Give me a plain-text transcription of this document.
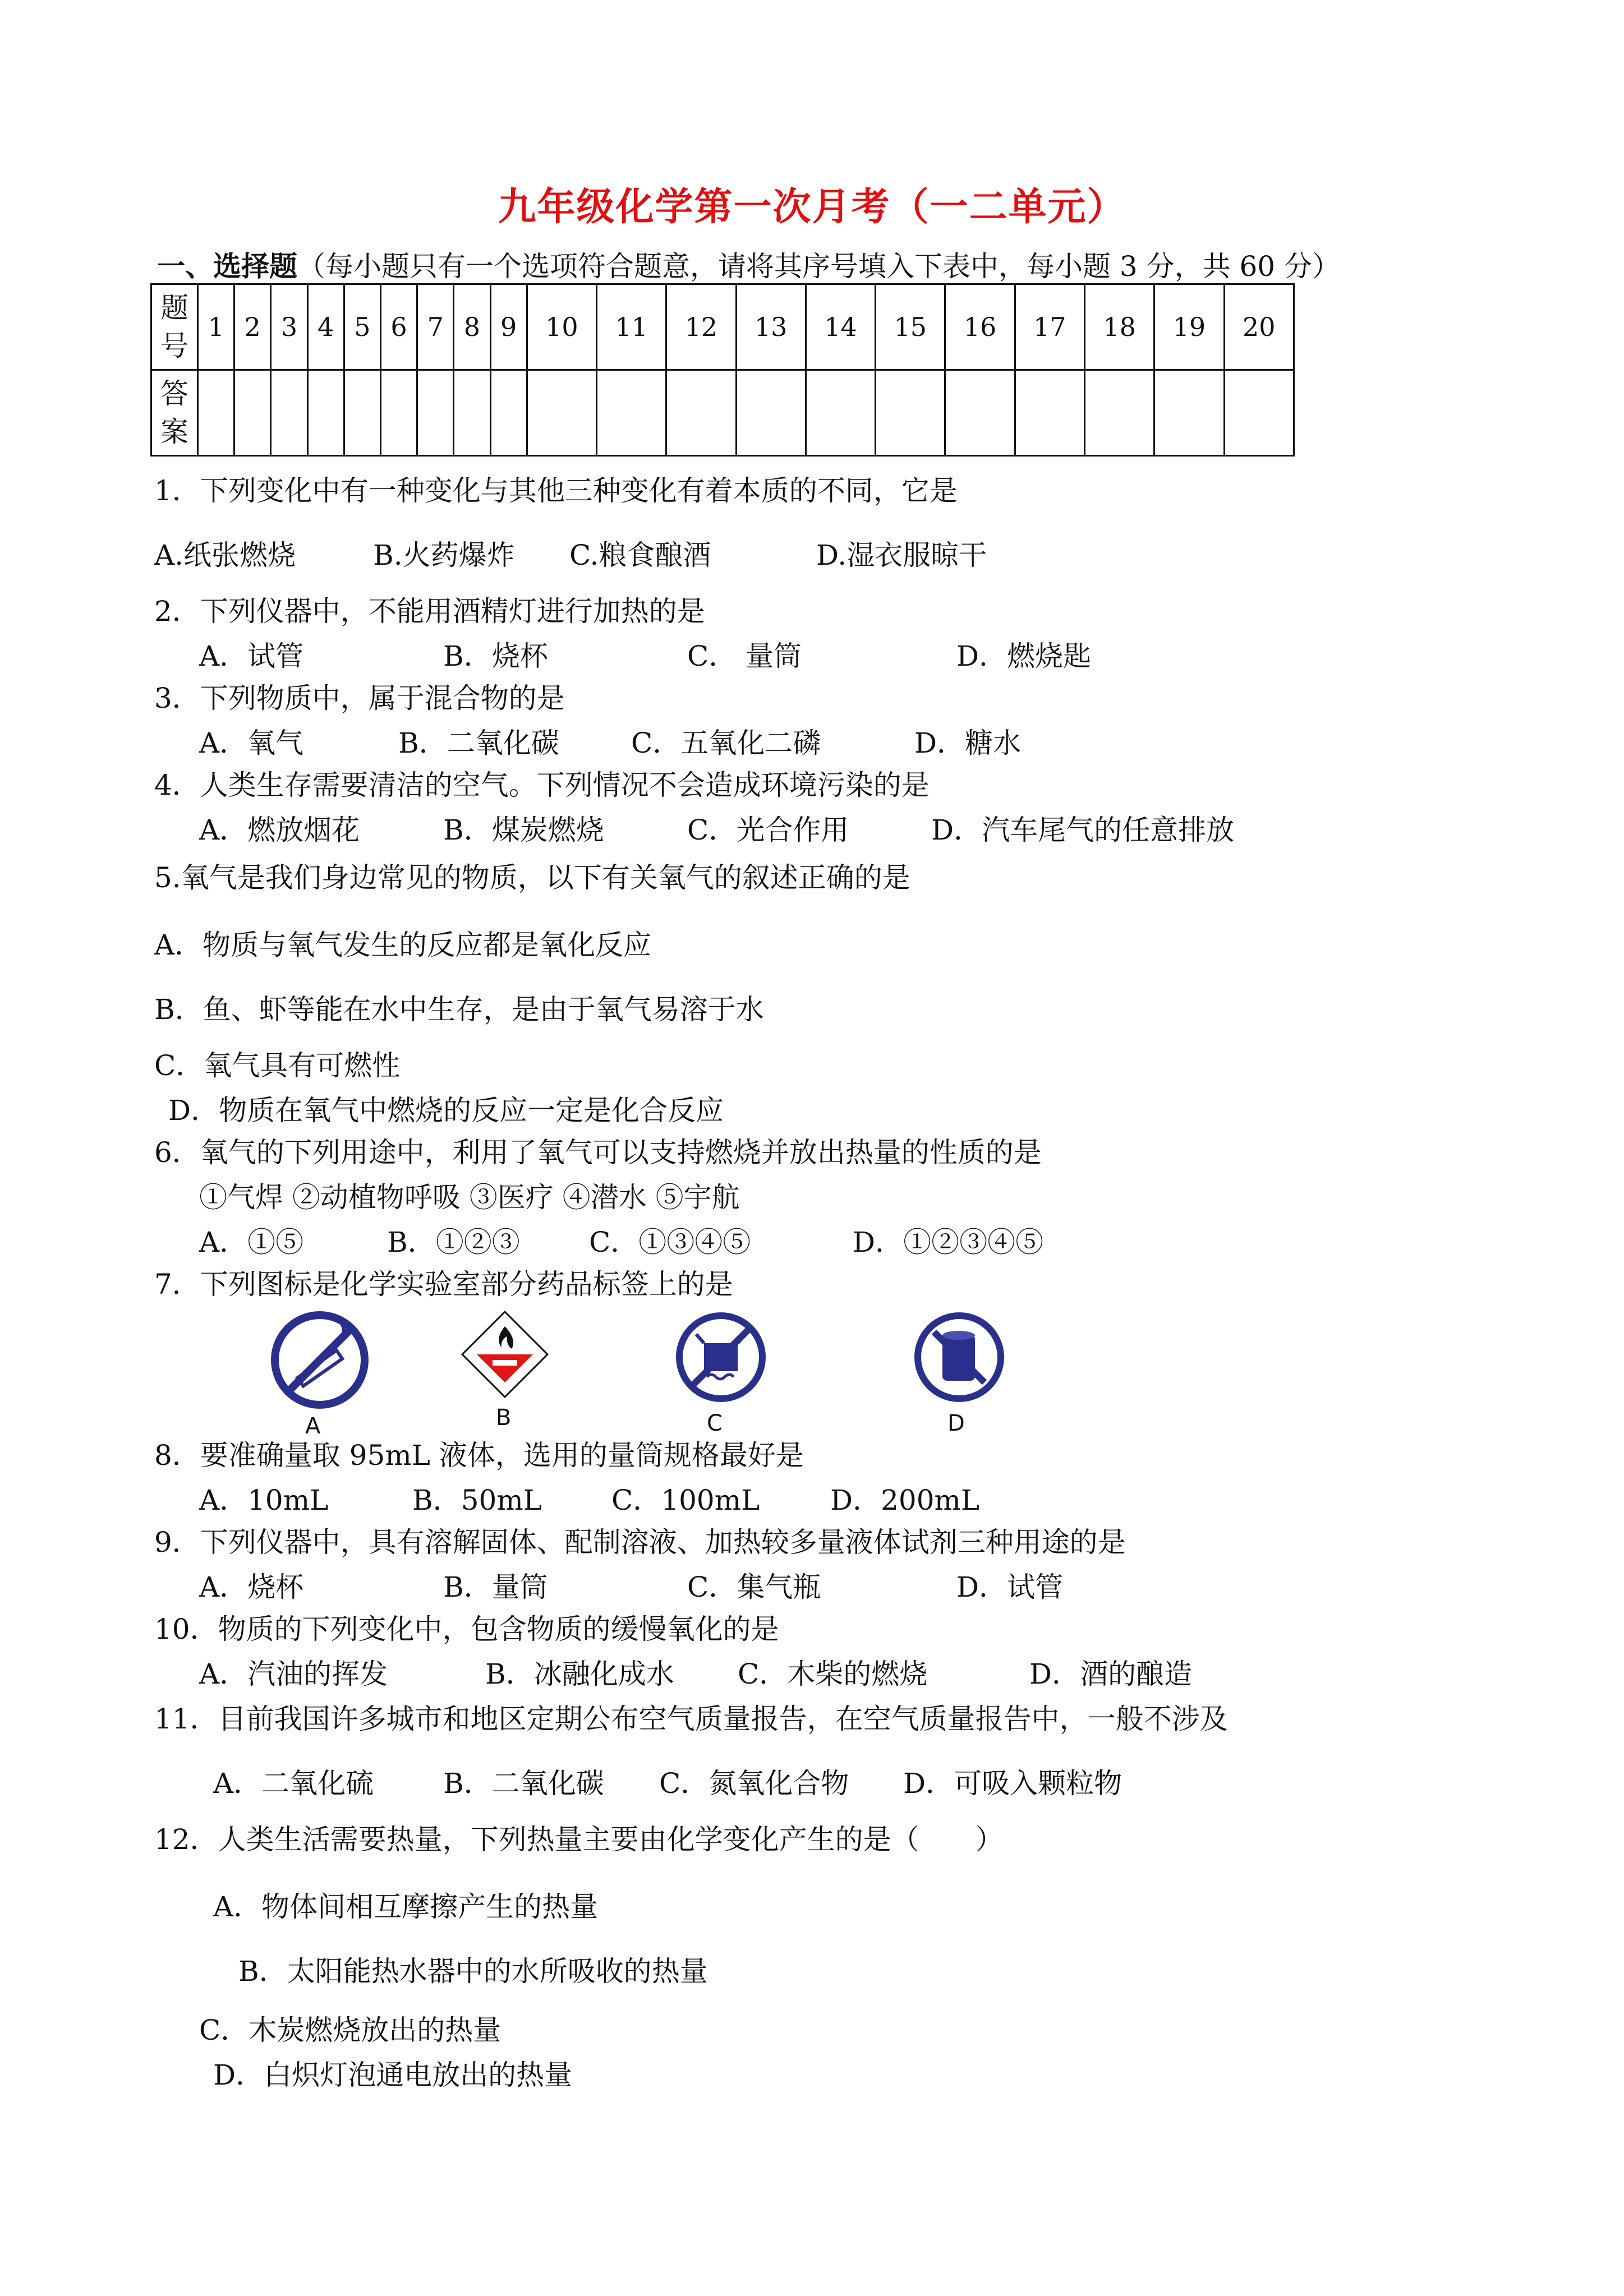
九年级化学第一次月考（一二单元）
一、选择题（每小题只有一个选项符合题意，请将其序号填入下表中，每小题 3 分，共 60 分）
题
号	1	2	3	4	5	6	7	8	9	10	11	12	13	14	15	16	17	18	19	20
答
案																				
1．下列变化中有一种变化与其他三种变化有着本质的不同，它是
A.纸张燃烧	B.火药爆炸 C.粮食酿酒	D.湿衣服晾干
2．下列仪器中，不能用酒精灯进行加热的是
A．试管	B．烧杯	C． 量筒	D．燃烧匙
3．下列物质中，属于混合物的是
A．氧气	B．二氧化碳	C．五氧化二磷	D．糖水
4．人类生存需要清洁的空气。下列情况不会造成环境污染的是
A．燃放烟花	B．煤炭燃烧	C．光合作用	D．汽车尾气的任意排放
5.氧气是我们身边常见的物质，以下有关氧气的叙述正确的是
A．物质与氧气发生的反应都是氧化反应
B．鱼、虾等能在水中生存，是由于氧气易溶于水
C．氧气具有可燃性
D．物质在氧气中燃烧的反应一定是化合反应
6．氧气的下列用途中，利用了氧气可以支持燃烧并放出热量的性质的是
①气焊 ②动植物呼吸 ③医疗 ④潜水 ⑤宇航
A．①⑤	B．①②③ C．①③④⑤	D．①②③④⑤
7．下列图标是化学实验室部分药品标签上的是
A	B	C	D
8．要准确量取 95mL 液体，选用的量筒规格最好是
A．10mL	B．50mL C．100mL	D．200mL
9．下列仪器中，具有溶解固体、配制溶液、加热较多量液体试剂三种用途的是
A．烧杯	B．量筒	C．集气瓶	D．试管
10．物质的下列变化中，包含物质的缓慢氧化的是
A．汽油的挥发	B．冰融化成水 C．木柴的燃烧	D．酒的酿造
11．目前我国许多城市和地区定期公布空气质量报告，在空气质量报告中，一般不涉及
A．二氧化硫 B．二氧化碳 C．氮氧化合物 D．可吸入颗粒物
12．人类生活需要热量，下列热量主要由化学变化产生的是（　　）
A．物体间相互摩擦产生的热量
B．太阳能热水器中的水所吸收的热量
C．木炭燃烧放出的热量
D．白炽灯泡通电放出的热量
